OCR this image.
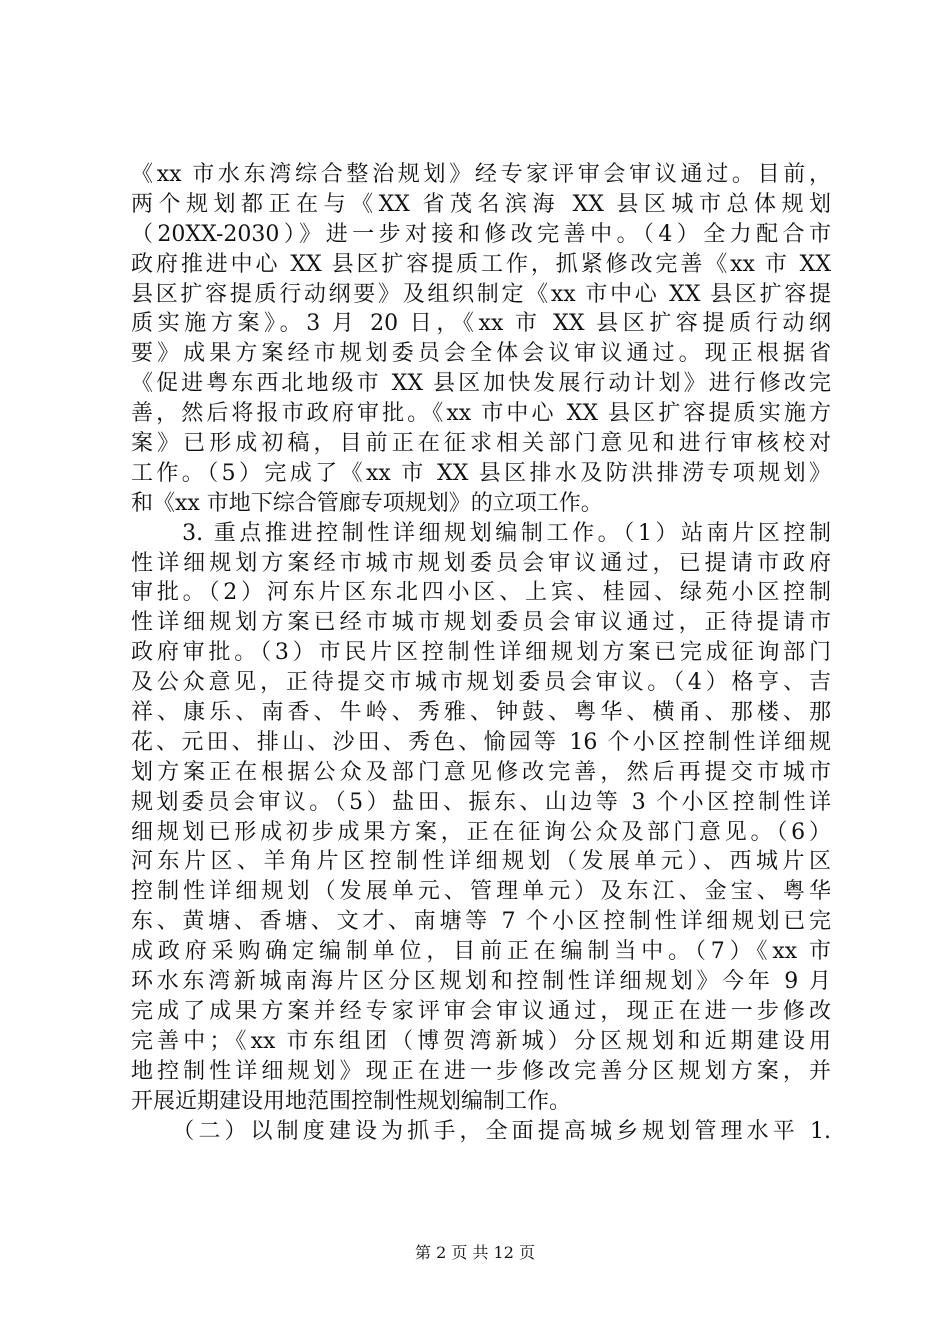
《xx 市水东湾综合整治规划》经专家评审会审议通过。目前，
两个规划都正在与《XX 省茂名滨海 XX 县区城市总体规划
（20XX-2030）》进一步对接和修改完善中。（4）全力配合市
政府推进中心 XX 县区扩容提质工作，抓紧修改完善《xx 市 XX
县区扩容提质行动纲要》及组织制定《xx 市中心 XX 县区扩容提
质实施方案》。3 月 20 日，《xx 市 XX 县区扩容提质行动纲
要》成果方案经市规划委员会全体会议审议通过。现正根据省
《促进粤东西北地级市 XX 县区加快发展行动计划》进行修改完
善，然后将报市政府审批。《xx 市中心 XX 县区扩容提质实施方
案》已形成初稿，目前正在征求相关部门意见和进行审核校对
工作。（5）完成了《xx 市 XX 县区排水及防洪排涝专项规划》
和《xx 市地下综合管廊专项规划》的立项工作。
　　3. 重点推进控制性详细规划编制工作。（1）站南片区控制
性详细规划方案经市城市规划委员会审议通过，已提请市政府
审批。（2）河东片区东北四小区、上宾、桂园、绿苑小区控制
性详细规划方案已经市城市规划委员会审议通过，正待提请市
政府审批。（3）市民片区控制性详细规划方案已完成征询部门
及公众意见，正待提交市城市规划委员会审议。（4）格亨、吉
祥、康乐、南香、牛岭、秀雅、钟鼓、粤华、横甬、那楼、那
花、元田、排山、沙田、秀色、愉园等 16 个小区控制性详细规
划方案正在根据公众及部门意见修改完善，然后再提交市城市
规划委员会审议。（5）盐田、振东、山边等 3 个小区控制性详
细规划已形成初步成果方案，正在征询公众及部门意见。（6）
河东片区、羊角片区控制性详细规划（发展单元）、西城片区
控制性详细规划（发展单元、管理单元）及东江、金宝、粤华
东、黄塘、香塘、文才、南塘等 7 个小区控制性详细规划已完
成政府采购确定编制单位，目前正在编制当中。（7）《xx 市
环水东湾新城南海片区分区规划和控制性详细规划》今年 9 月
完成了成果方案并经专家评审会审议通过，现正在进一步修改
完善中；《xx 市东组团（博贺湾新城）分区规划和近期建设用
地控制性详细规划》现正在进一步修改完善分区规划方案，并
开展近期建设用地范围控制性规划编制工作。
　　（二）以制度建设为抓手，全面提高城乡规划管理水平 1.
第 2 页 共 12 页
